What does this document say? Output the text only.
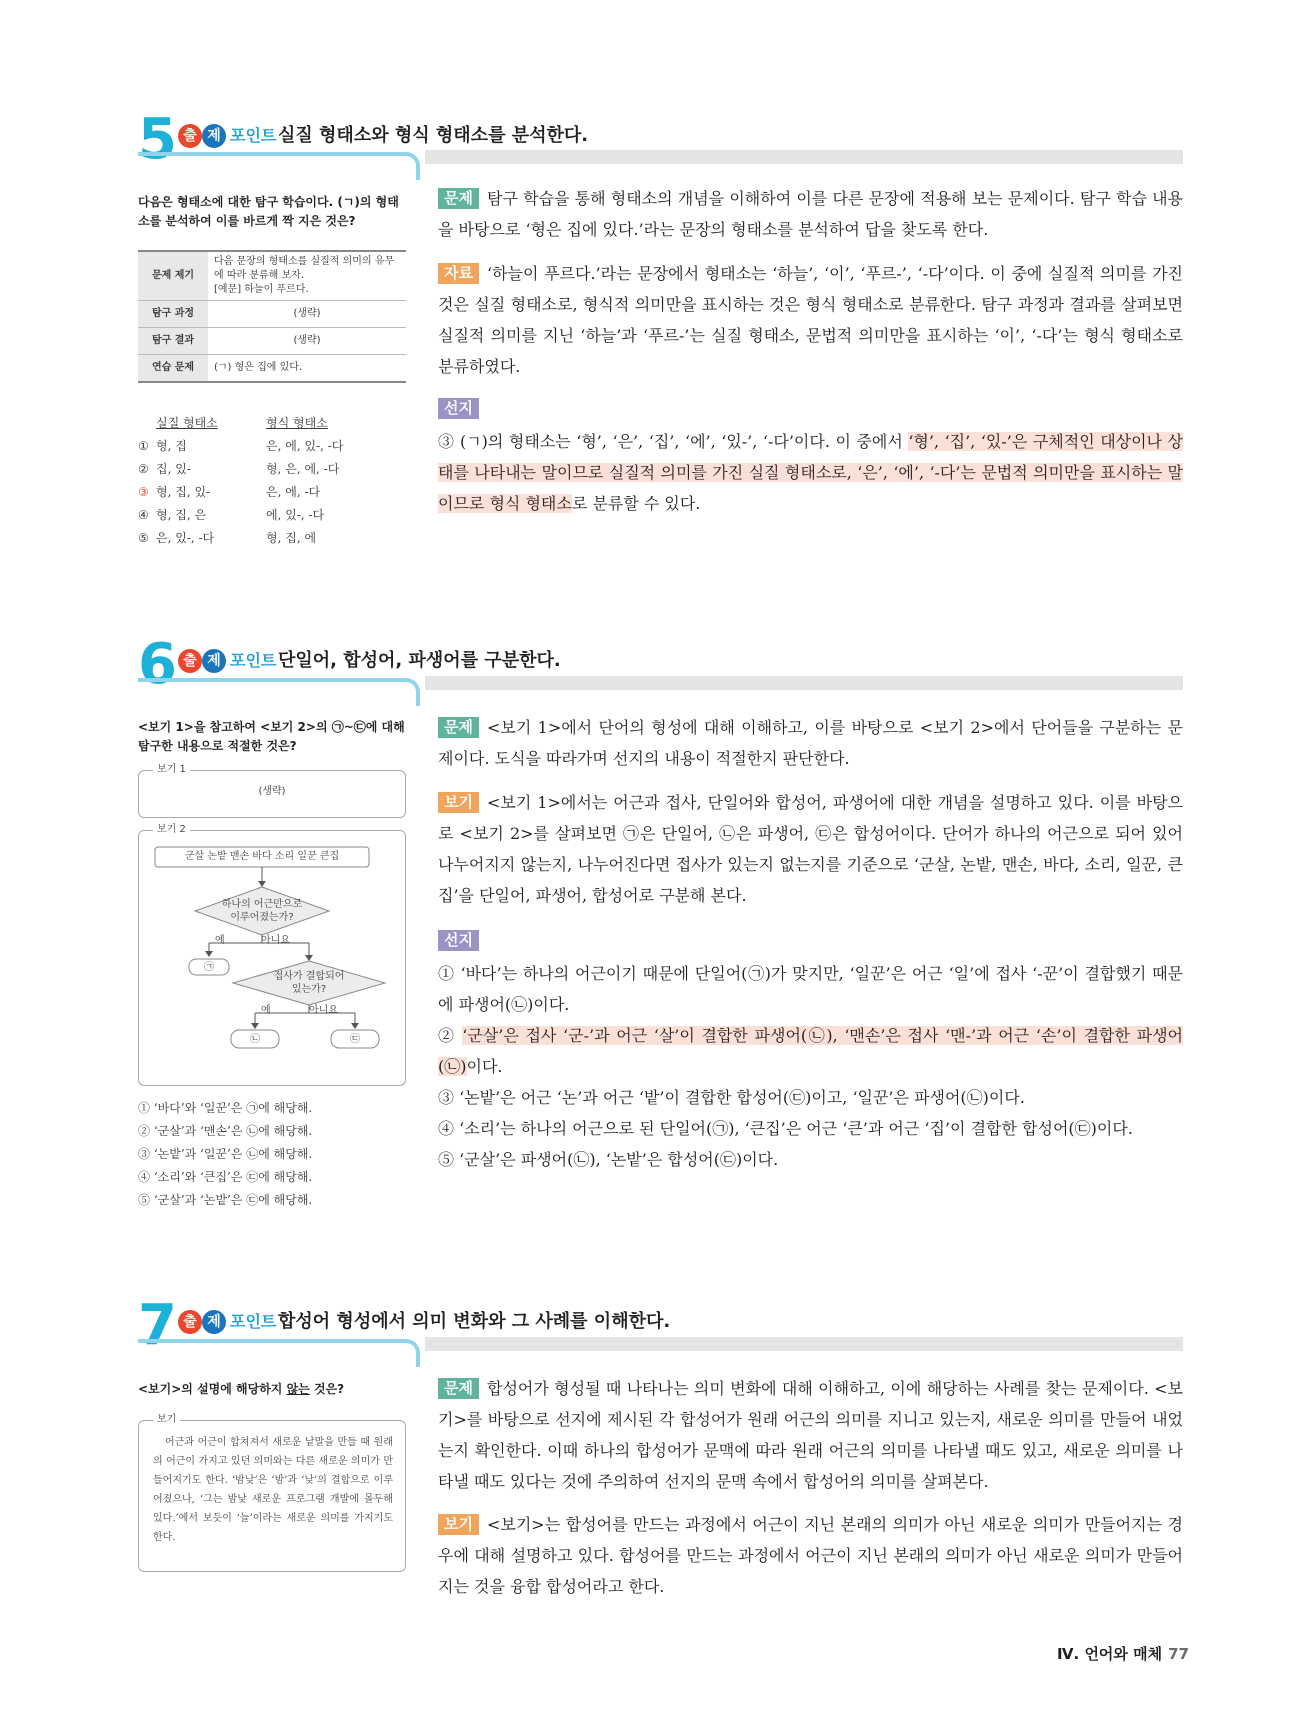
5 출 제 포인트 실질 형태소와 형식 형태소를 분석한다.
다음은 형태소에 대한 탐구 학습이다. (ㄱ)의 형태소를 분석하여 이를 바르게 짝 지은 것은?
문제 제기	다음 문장의 형태소를 실질적 의미의 유무
에 따라 분류해 보자.
[예문] 하늘이 푸르다.

탐구 과정	(생략)
탐구 결과	(생략)
연습 문제	(ㄱ) 형은 집에 있다.
실질 형태소	형식 형태소
① 형, 집	은, 에, 있-, -다
② 집, 있-	형, 은, 에, -다
③ 형, 집, 있-	은, 에, -다
④ 형, 집, 은	에, 있-, -다
⑤ 은, 있-, -다	형, 집, 에
문제 탐구 학습을 통해 형태소의 개념을 이해하여 이를 다른 문장에 적용해 보는 문제이다. 탐구 학습 내용을 바탕으로 ‘형은 집에 있다.’라는 문장의 형태소를 분석하여 답을 찾도록 한다.
자료 ‘하늘이 푸르다.’라는 문장에서 형태소는 ‘하늘’, ‘이’, ‘푸르-’, ‘-다’이다. 이 중에 실질적 의미를 가진 것은 실질 형태소로, 형식적 의미만을 표시하는 것은 형식 형태소로 분류한다. 탐구 과정과 결과를 살펴보면 실질적 의미를 지닌 ‘하늘’과 ‘푸르-’는 실질 형태소, 문법적 의미만을 표시하는 ‘이’, ‘-다’는 형식 형태소로 분류하였다.
선지
③ (ㄱ)의 형태소는 ‘형’, ‘은’, ‘집’, ‘에’, ‘있-’, ‘-다’이다. 이 중에서 ‘형’, ‘집’, ‘있-’은 구체적인 대상이나 상태를 나타내는 말이므로 실질적 의미를 가진 실질 형태소로, ‘은’, ‘에’, ‘-다’는 문법적 의미만을 표시하는 말이므로 형식 형태소로 분류할 수 있다.
6 출 제 포인트 단일어, 합성어, 파생어를 구분한다.
<보기 1>을 참고하여 <보기 2>의 ㉠~㉢에 대해 탐구한 내용으로 적절한 것은?
보기 1
(생략)
보기 2
군살 논밭 맨손 바다 소리 일꾼 큰집
하나의 어근만으로
이루어졌는가?
예	아니요
㉠
접사가 결합되어
있는가?
예	아니요
㉡	㉢
① ‘바다’와 ‘일꾼’은 ㉠에 해당해.
② ‘군살’과 ‘맨손’은 ㉡에 해당해.
③ ‘논밭’과 ‘일꾼’은 ㉡에 해당해.
④ ‘소리’와 ‘큰집’은 ㉢에 해당해.
⑤ ‘군살’과 ‘논밭’은 ㉢에 해당해.
문제 <보기 1>에서 단어의 형성에 대해 이해하고, 이를 바탕으로 <보기 2>에서 단어들을 구분하는 문제이다. 도식을 따라가며 선지의 내용이 적절한지 판단한다.
보기 <보기 1>에서는 어근과 접사, 단일어와 합성어, 파생어에 대한 개념을 설명하고 있다. 이를 바탕으로 <보기 2>를 살펴보면 ㉠은 단일어, ㉡은 파생어, ㉢은 합성어이다. 단어가 하나의 어근으로 되어 있어 나누어지지 않는지, 나누어진다면 접사가 있는지 없는지를 기준으로 ‘군살, 논밭, 맨손, 바다, 소리, 일꾼, 큰집’을 단일어, 파생어, 합성어로 구분해 본다.
선지
① ‘바다’는 하나의 어근이기 때문에 단일어(㉠)가 맞지만, ‘일꾼’은 어근 ‘일’에 접사 ‘-꾼’이 결합했기 때문에 파생어(㉡)이다.
② ‘군살’은 접사 ‘군-’과 어근 ‘살’이 결합한 파생어(㉡), ‘맨손’은 접사 ‘맨-’과 어근 ‘손’이 결합한 파생어(㉡)이다.
③ ‘논밭’은 어근 ‘논’과 어근 ‘밭’이 결합한 합성어(㉢)이고, ‘일꾼’은 파생어(㉡)이다.
④ ‘소리’는 하나의 어근으로 된 단일어(㉠), ‘큰집’은 어근 ‘큰’과 어근 ‘집’이 결합한 합성어(㉢)이다.
⑤ ‘군살’은 파생어(㉡), ‘논밭’은 합성어(㉢)이다.
7 출 제 포인트 합성어 형성에서 의미 변화와 그 사례를 이해한다.
<보기>의 설명에 해당하지 않는 것은?
보기
어근과 어근이 합쳐져서 새로운 낱말을 만들 때 원래의 어근이 가지고 있던 의미와는 다른 새로운 의미가 만들어지기도 한다. ‘밤낮’은 ‘밤’과 ‘낮’의 결합으로 이루어졌으나, ‘그는 밤낮 새로운 프로그램 개발에 몰두해 있다.’에서 보듯이 ‘늘’이라는 새로운 의미를 가지기도 한다.
문제 합성어가 형성될 때 나타나는 의미 변화에 대해 이해하고, 이에 해당하는 사례를 찾는 문제이다. <보기>를 바탕으로 선지에 제시된 각 합성어가 원래 어근의 의미를 지니고 있는지, 새로운 의미를 만들어 내었는지 확인한다. 이때 하나의 합성어가 문맥에 따라 원래 어근의 의미를 나타낼 때도 있고, 새로운 의미를 나타낼 때도 있다는 것에 주의하여 선지의 문맥 속에서 합성어의 의미를 살펴본다.
보기 <보기>는 합성어를 만드는 과정에서 어근이 지닌 본래의 의미가 아닌 새로운 의미가 만들어지는 경우에 대해 설명하고 있다. 합성어를 만드는 과정에서 어근이 지닌 본래의 의미가 아닌 새로운 의미가 만들어지는 것을 융합 합성어라고 한다.
Ⅳ. 언어와 매체 77
